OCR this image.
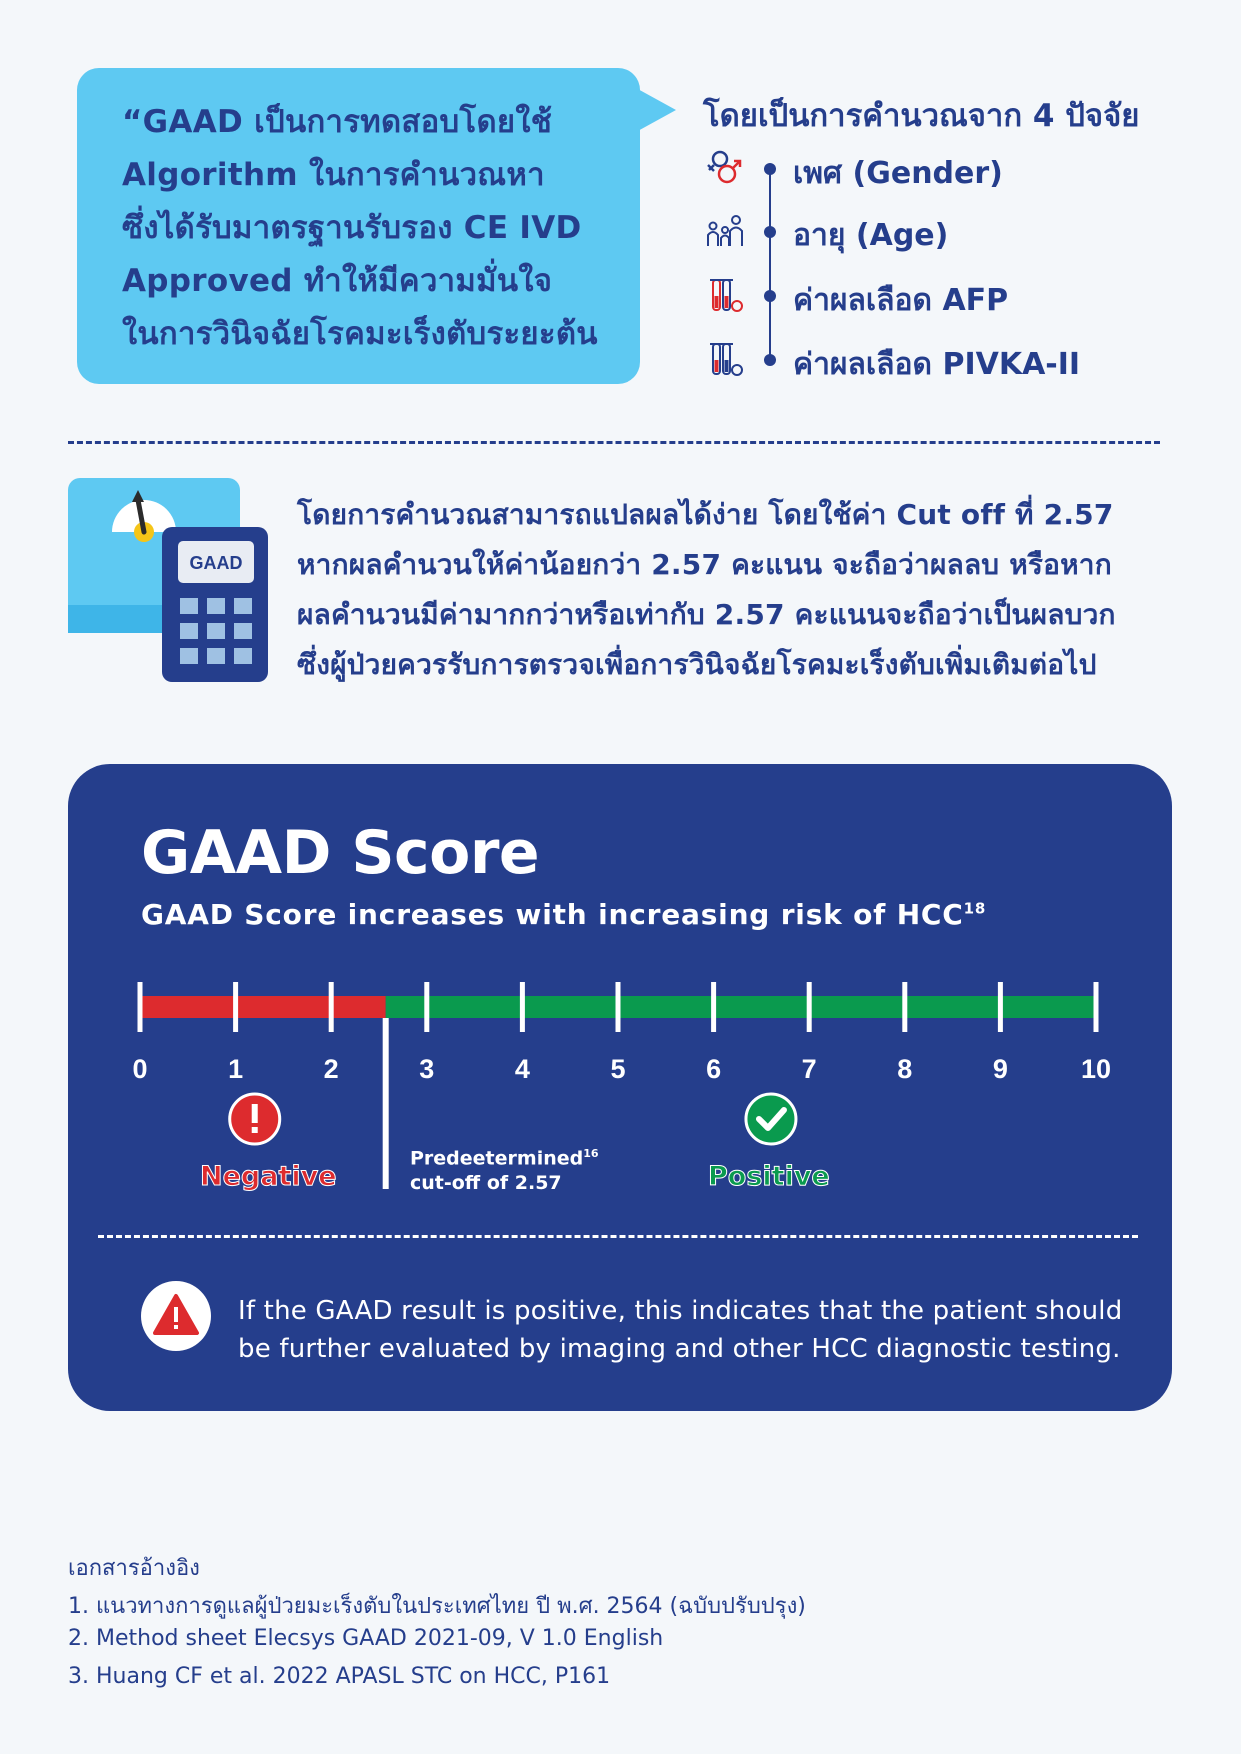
“GAAD เป็นการทดสอบโดยใช้
Algorithm ในการคำนวณหา
ซึ่งได้รับมาตรฐานรับรอง CE IVD
Approved ทำให้มีความมั่นใจ
ในการวินิจฉัยโรคมะเร็งตับระยะต้น
โดยเป็นการคำนวณจาก 4 ปัจจัย
เพศ (Gender)
อายุ (Age)
ค่าผลเลือด AFP
ค่าผลเลือด PIVKA-II
GAAD
โดยการคำนวณสามารถแปลผลได้ง่าย โดยใช้ค่า Cut off ที่ 2.57
หากผลคำนวนให้ค่าน้อยกว่า 2.57 คะแนน จะถือว่าผลลบ หรือหาก
ผลคำนวนมีค่ามากกว่าหรือเท่ากับ 2.57 คะแนนจะถือว่าเป็นผลบวก
ซึ่งผู้ป่วยควรรับการตรวจเพื่อการวินิจฉัยโรคมะเร็งตับเพิ่มเติมต่อไป
GAAD Score
GAAD Score increases with increasing risk of HCC$^{18}$
0	1	2	3	4	5	6	7	8	9	10
Predeetermined$^{16}$
cut-off of 2.57
Negative	Positive
If the GAAD result is positive, this indicates that the patient should
be further evaluated by imaging and other HCC diagnostic testing.
เอกสารอ้างอิง
1. แนวทางการดูแลผู้ป่วยมะเร็งตับในประเทศไทย ปี พ.ศ. 2564 (ฉบับปรับปรุง)
2. Method sheet Elecsys GAAD 2021-09, V 1.0 English
3. Huang CF et al. 2022 APASL STC on HCC, P161
